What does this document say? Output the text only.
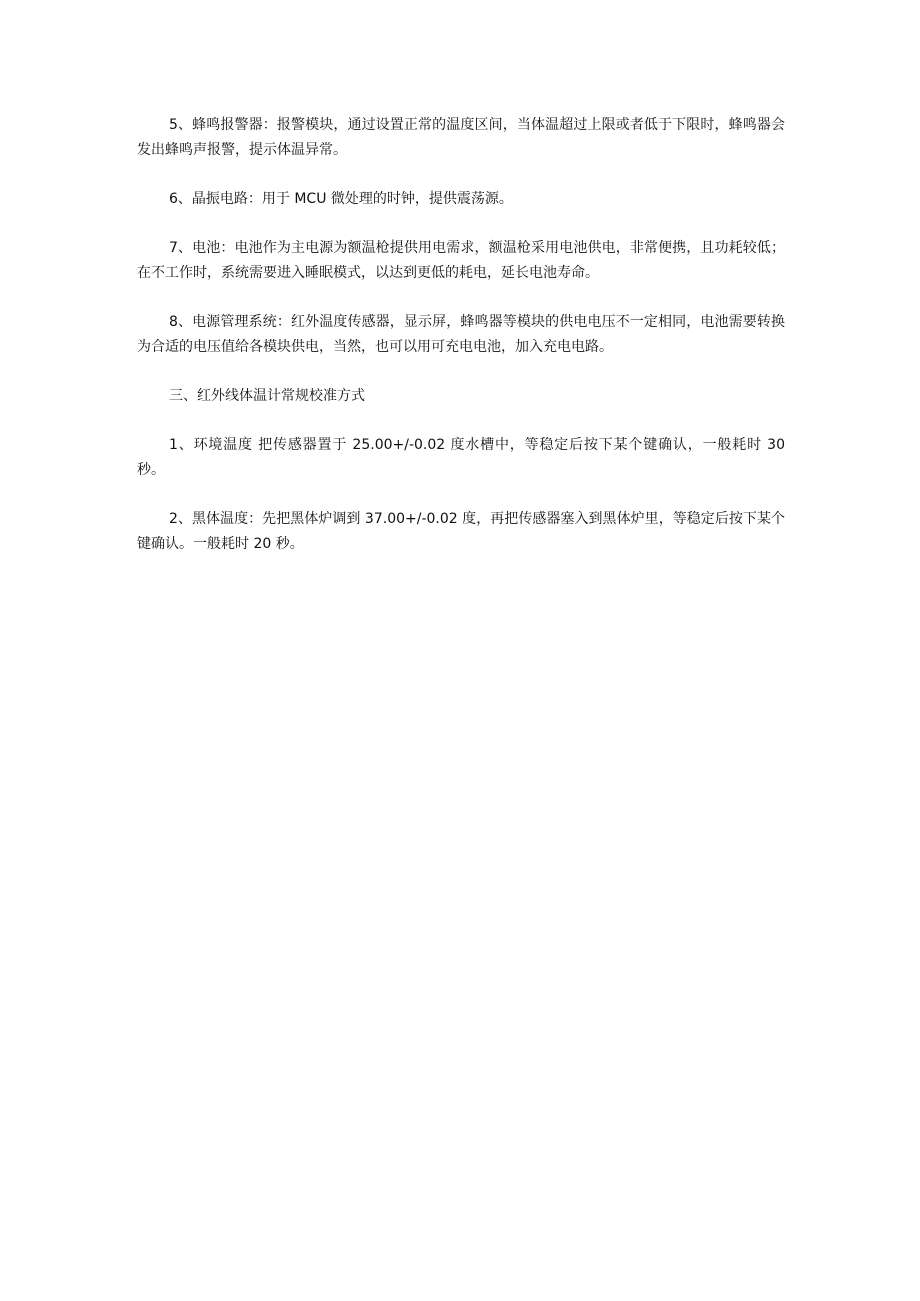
5、蜂鸣报警器：报警模块，通过设置正常的温度区间，当体温超过上限或者低于下限时，蜂鸣器会发出蜂鸣声报警，提示体温异常。

6、晶振电路：用于 MCU 微处理的时钟，提供震荡源。

7、电池：电池作为主电源为额温枪提供用电需求，额温枪采用电池供电，非常便携，且功耗较低；在不工作时，系统需要进入睡眠模式，以达到更低的耗电，延长电池寿命。

8、电源管理系统：红外温度传感器，显示屏，蜂鸣器等模块的供电电压不一定相同，电池需要转换为合适的电压值给各模块供电，当然，也可以用可充电电池，加入充电电路。

三、红外线体温计常规校准方式

1、环境温度 把传感器置于 25.00+/-0.02 度水槽中，等稳定后按下某个键确认，一般耗时 30 秒。

2、黑体温度：先把黑体炉调到 37.00+/-0.02 度，再把传感器塞入到黑体炉里，等稳定后按下某个键确认。一般耗时 20 秒。
